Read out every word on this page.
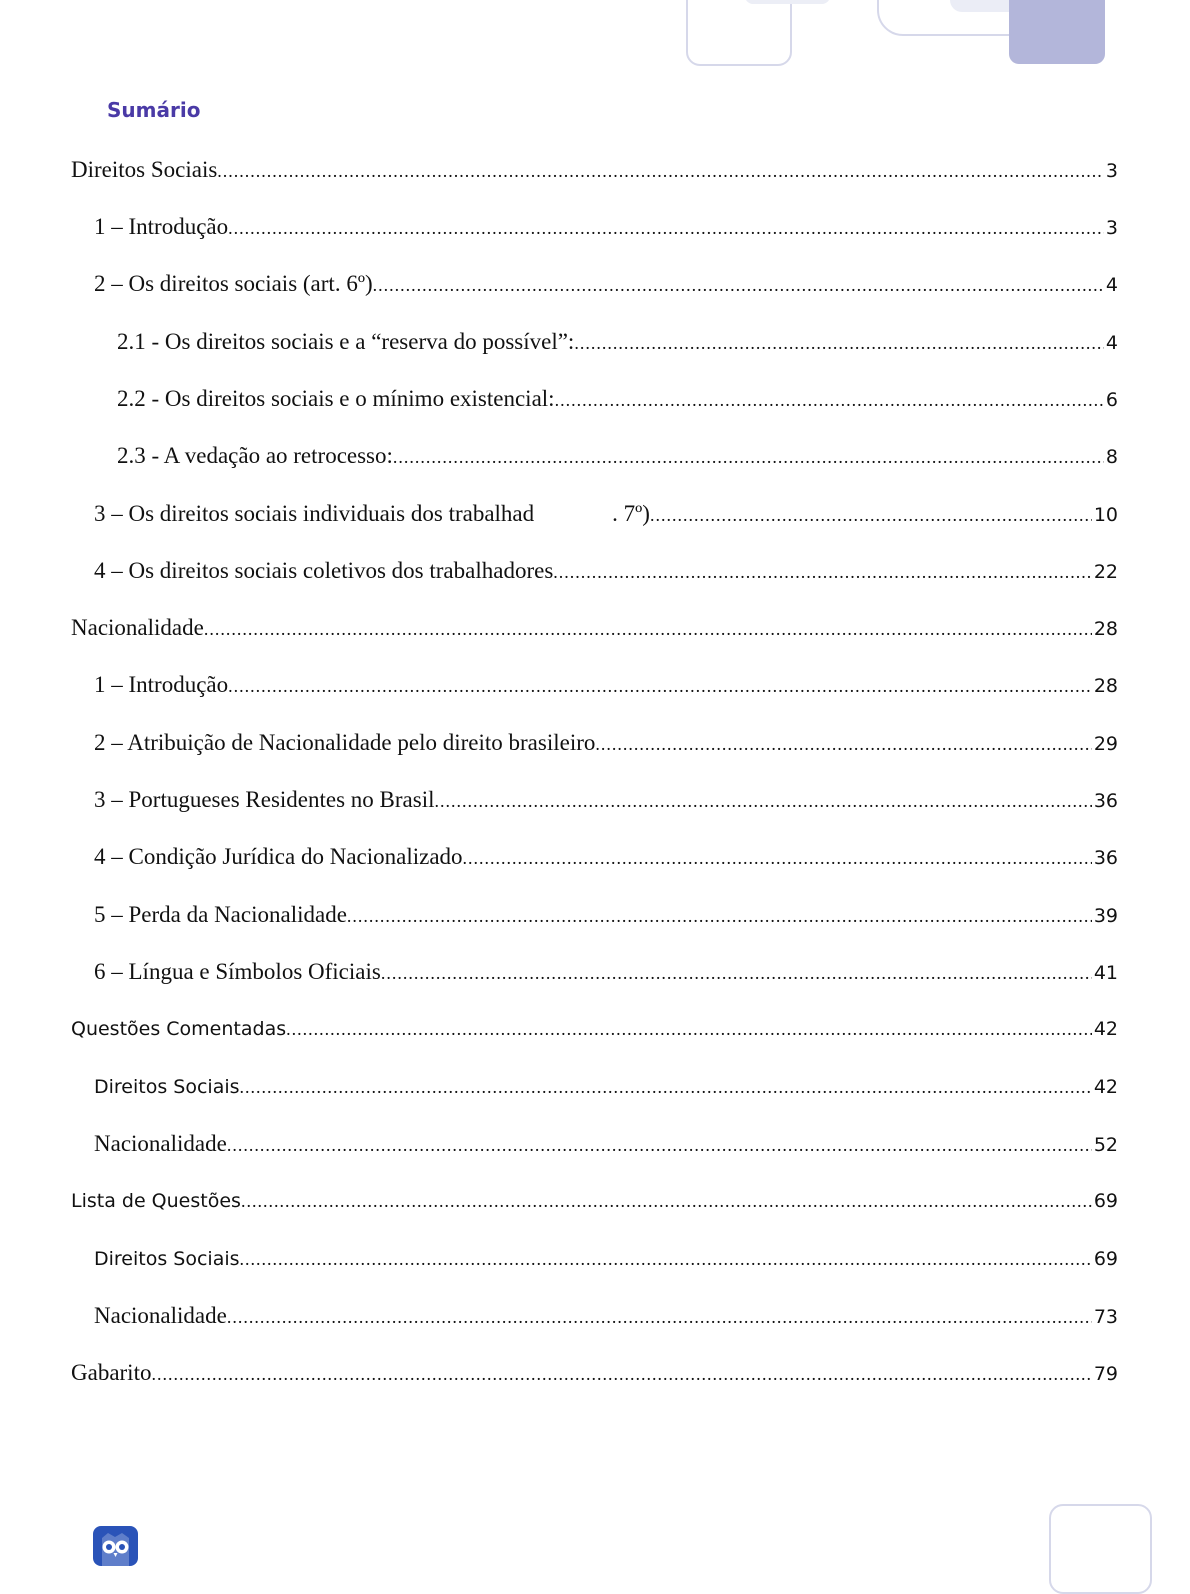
Sumário
Direitos Sociais .....	3
1 – Introdução .....	3
2 – Os direitos sociais (art. 6º) .....	4
2.1 - Os direitos sociais e a “reserva do possível”: .....	4
2.2 - Os direitos sociais e o mínimo existencial: .....	6
2.3 - A vedação ao retrocesso: .....	8
3 – Os direitos sociais individuais dos trabalhad	. 7º) .....	10
4 – Os direitos sociais coletivos dos trabalhadores .....	22
Nacionalidade .....	28
1 – Introdução .....	28
2 – Atribuição de Nacionalidade pelo direito brasileiro .....	29
3 – Portugueses Residentes no Brasil .....	36
4 – Condição Jurídica do Nacionalizado .....	36
5 – Perda da Nacionalidade .....	39
6 – Língua e Símbolos Oficiais .....	41
Questões Comentadas .....	42
Direitos Sociais .....	42
Nacionalidade .....	52
Lista de Questões .....	69
Direitos Sociais .....	69
Nacionalidade .....	73
Gabarito .....	79
